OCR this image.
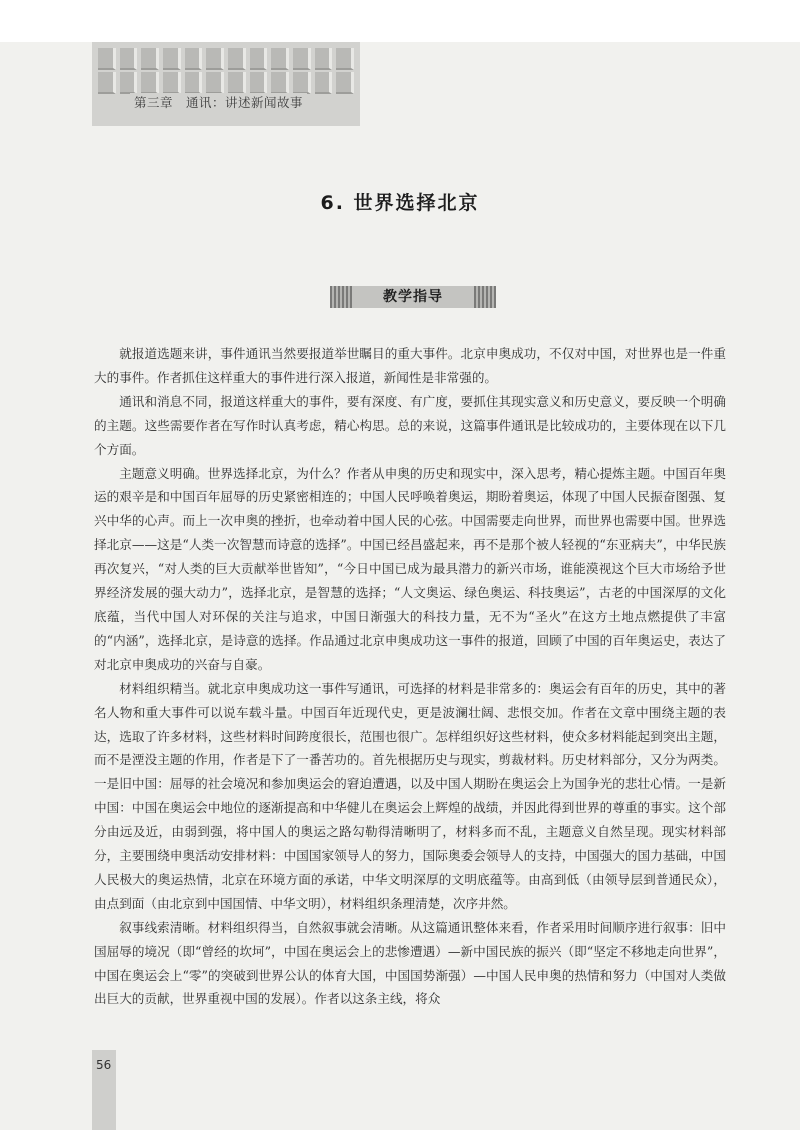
第三章　通讯：讲述新闻故事
6. 世界选择北京
教学指导

就报道选题来讲，事件通讯当然要报道举世瞩目的重大事件。北京申奥成功，不仅对中国，对世界也是一件重大的事件。作者抓住这样重大的事件进行深入报道，新闻性是非常强的。

通讯和消息不同，报道这样重大的事件，要有深度、有广度，要抓住其现实意义和历史意义，要反映一个明确的主题。这些需要作者在写作时认真考虑，精心构思。总的来说，这篇事件通讯是比较成功的，主要体现在以下几个方面。

主题意义明确。世界选择北京，为什么？作者从申奥的历史和现实中，深入思考，精心提炼主题。中国百年奥运的艰辛是和中国百年屈辱的历史紧密相连的；中国人民呼唤着奥运，期盼着奥运，体现了中国人民振奋图强、复兴中华的心声。而上一次申奥的挫折，也牵动着中国人民的心弦。中国需要走向世界，而世界也需要中国。世界选择北京——这是“人类一次智慧而诗意的选择”。中国已经昌盛起来，再不是那个被人轻视的“东亚病夫”，中华民族再次复兴，“对人类的巨大贡献举世皆知”，“今日中国已成为最具潜力的新兴市场，谁能漠视这个巨大市场给予世界经济发展的强大动力”，选择北京，是智慧的选择；“人文奥运、绿色奥运、科技奥运”，古老的中国深厚的文化底蕴，当代中国人对环保的关注与追求，中国日渐强大的科技力量，无不为“圣火”在这方土地点燃提供了丰富的“内涵”，选择北京，是诗意的选择。作品通过北京申奥成功这一事件的报道，回顾了中国的百年奥运史，表达了对北京申奥成功的兴奋与自豪。

材料组织精当。就北京申奥成功这一事件写通讯，可选择的材料是非常多的：奥运会有百年的历史，其中的著名人物和重大事件可以说车载斗量。中国百年近现代史，更是波澜壮阔、悲恨交加。作者在文章中围绕主题的表达，选取了许多材料，这些材料时间跨度很长，范围也很广。怎样组织好这些材料，使众多材料能起到突出主题，而不是湮没主题的作用，作者是下了一番苦功的。首先根据历史与现实，剪裁材料。历史材料部分，又分为两类。一是旧中国：屈辱的社会境况和参加奥运会的窘迫遭遇，以及中国人期盼在奥运会上为国争光的悲壮心情。一是新中国：中国在奥运会中地位的逐渐提高和中华健儿在奥运会上辉煌的战绩，并因此得到世界的尊重的事实。这个部分由远及近，由弱到强，将中国人的奥运之路勾勒得清晰明了，材料多而不乱，主题意义自然呈现。现实材料部分，主要围绕申奥活动安排材料：中国国家领导人的努力，国际奥委会领导人的支持，中国强大的国力基础，中国人民极大的奥运热情，北京在环境方面的承诺，中华文明深厚的文明底蕴等。由高到低（由领导层到普通民众），由点到面（由北京到中国国情、中华文明），材料组织条理清楚，次序井然。

叙事线索清晰。材料组织得当，自然叙事就会清晰。从这篇通讯整体来看，作者采用时间顺序进行叙事：旧中国屈辱的境况（即“曾经的坎坷”，中国在奥运会上的悲惨遭遇）—新中国民族的振兴（即“坚定不移地走向世界”，中国在奥运会上“零”的突破到世界公认的体育大国，中国国势渐强）—中国人民申奥的热情和努力（中国对人类做出巨大的贡献，世界重视中国的发展）。作者以这条主线，将众

56
